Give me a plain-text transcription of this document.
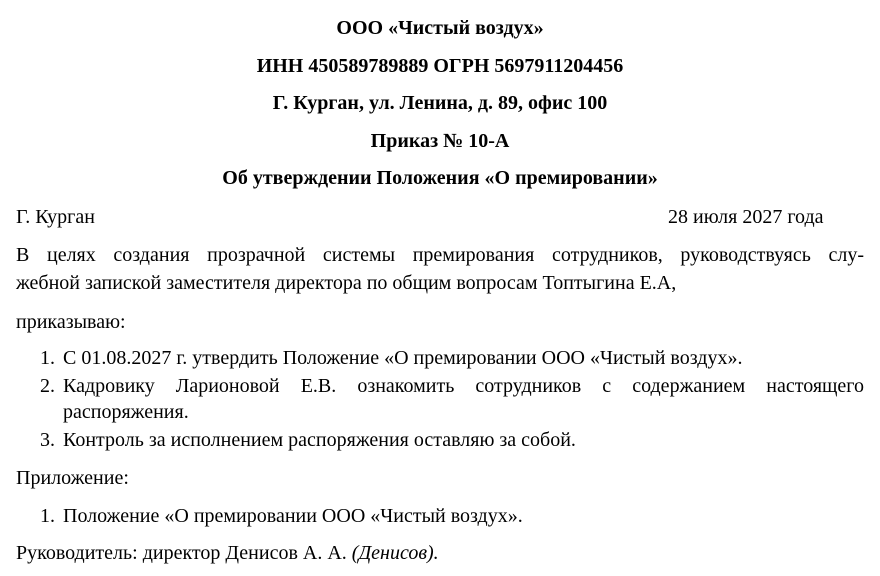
ООО «Чистый воздух»
ИНН 450589789889 ОГРН 5697911204456
Г. Курган, ул. Ленина, д. 89, офис 100
Приказ № 10-А
Об утверждении Положения «О премировании»
Г. Курган	28 июля 2027 года
В целях создания прозрачной системы премирования сотрудников, руководствуясь слу-
жебной запиской заместителя директора по общим вопросам Топтыгина Е.А,
приказываю:
1. С 01.08.2027 г. утвердить Положение «О премировании ООО «Чистый воздух».
2. Кадровику Ларионовой Е.В. ознакомить сотрудников с содержанием настоящего
распоряжения.
3. Контроль за исполнением распоряжения оставляю за собой.
Приложение:
1. Положение «О премировании ООО «Чистый воздух».
Руководитель: директор Денисов А. А. (Денисов).
